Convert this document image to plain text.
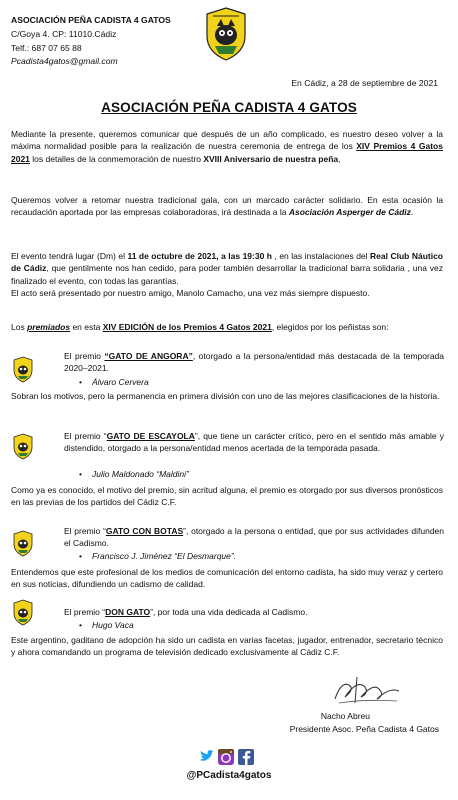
ASOCIACIÓN PEÑA CADISTA 4 GATOS
C/Goya 4. CP: 11010.Cádiz
Telf.: 687 07 65 88
Pcadista4gatos@gmail.com
En Cádiz, a 28 de septiembre de 2021
ASOCIACIÓN PEÑA CADISTA 4 GATOS
Mediante la presente, queremos comunicar que después de un año complicado, es nuestro deseo volver a la máxima normalidad posible para la realización de nuestra ceremonia de entrega de los XIV Premios 4 Gatos 2021 los detalles de la conmemoración de nuestro XVIII Aniversario de nuestra peña,
Queremos volver a retomar nuestra tradicional gala, con un marcado carácter solidario. En esta ocasión la recaudación aportada por las empresas colaboradoras, irá destinada a la Asociación Asperger de Cádiz.
El evento tendrá lugar (Dm) el 11 de octubre de 2021, a las 19:30 h , en las instalaciones del Real Club Náutico de Cádiz, que gentilmente nos han cedido, para poder también desarrollar la tradicional barra solidaria , una vez finalizado el evento, con todas las garantías.
El acto será presentado por nuestro amigo, Manolo Camacho, una vez más siempre dispuesto.
Los premiados en esta XIV EDICIÓN de los Premios 4 Gatos 2021, elegidos por los peñistas son:
El premio “GATO DE ANGORA”, otorgado a la persona/entidad más destacada de la temporada 2020–2021.
• Álvaro Cervera
Sobran los motivos, pero la permanencia en primera división con uno de las mejores clasificaciones de la historia.
El premio “GATO DE ESCAYOLA”, que tiene un carácter crítico, pero en el sentido más amable y distendido, otorgado a la persona/entidad menos acertada de la temporada pasada.
• Julio Maldonado “Maldini”
Como ya es conocido, el motivo del premio, sin acritud alguna, el premio es otorgado por sus diversos pronósticos en las previas de los partidos del Cádiz C.F.
El premio “GATO CON BOTAS”, otorgado a la persona o entidad, que por sus actividades difunden el Cadismo.
• Francisco J. Jiménez “El Desmarque”.
Entendemos que este profesional de los medios de comunicación del entorno cadista, ha sido muy veraz y certero en sus noticias, difundiendo un cadismo de calidad.
El premio “DON GATO”, por toda una vida dedicada al Cadismo.
• Hugo Vaca
Este argentino, gaditano de adopción ha sido un cadista en varias facetas, jugador, entrenador, secretario técnico y ahora comandando un programa de televisión dedicado exclusivamente al Cádiz C.F.
Nacho Abreu
Presidente Asoc. Peña Cadista 4 Gatos
@PCadista4gatos
